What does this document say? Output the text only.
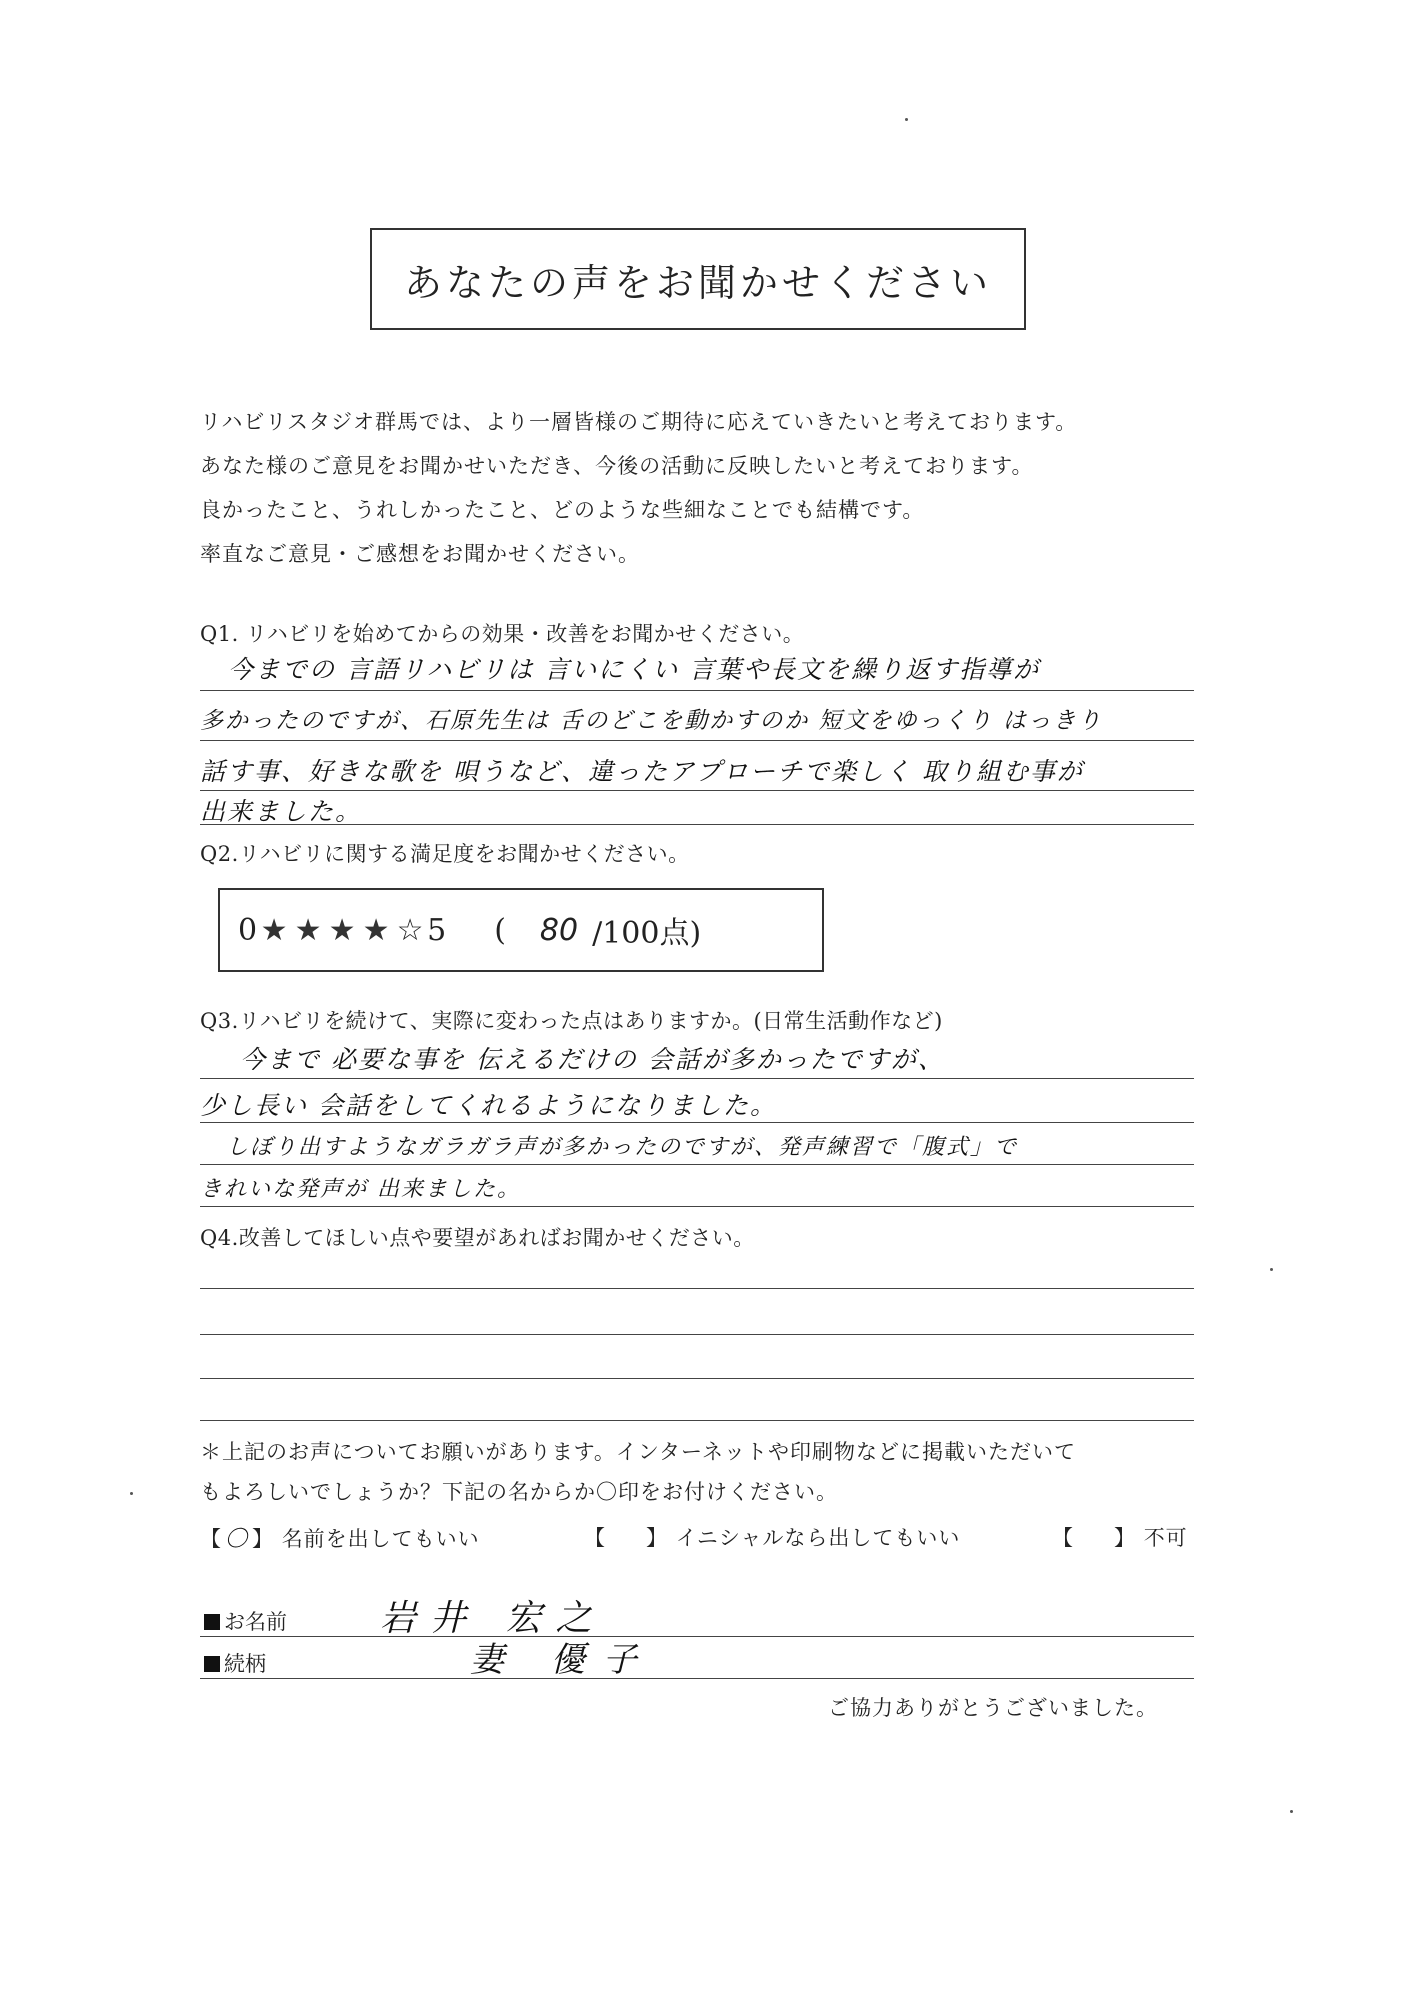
あなたの声をお聞かせください
リハビリスタジオ群馬では、より一層皆様のご期待に応えていきたいと考えております。
あなた様のご意見をお聞かせいただき、今後の活動に反映したいと考えております。
良かったこと、うれしかったこと、どのような些細なことでも結構です。
率直なご意見・ご感想をお聞かせください。
Q1. リハビリを始めてからの効果・改善をお聞かせください。
今までの 言語リハビリは 言いにくい 言葉や長文を繰り返す指導が
多かったのですが、石原先生は 舌のどこを動かすのか 短文をゆっくり はっきり
話す事、好きな歌を 唄うなど、違ったアプローチで楽しく 取り組む事が
出来ました。
Q2.リハビリに関する満足度をお聞かせください。
0 ★ ★ ★ ★ ☆ 5 ( 80 /100点)
Q3.リハビリを続けて、実際に変わった点はありますか。(日常生活動作など)
今まで 必要な事を 伝えるだけの 会話が多かったですが、
少し長い 会話をしてくれるようになりました。
しぼり出すようなガラガラ声が多かったのですが、発声練習で「腹式」で
きれいな発声が 出来ました。
Q4.改善してほしい点や要望があればお聞かせください。
＊上記のお声についてお願いがあります。インターネットや印刷物などに掲載いただいて
もよろしいでしょうか？下記の名からか〇印をお付けください。
【 〇 】 名前を出してもいい	【 】 イニシャルなら出してもいい	【 】 不可
お名前	岩井 宏之
続柄	妻 優子
ご協力ありがとうございました。
